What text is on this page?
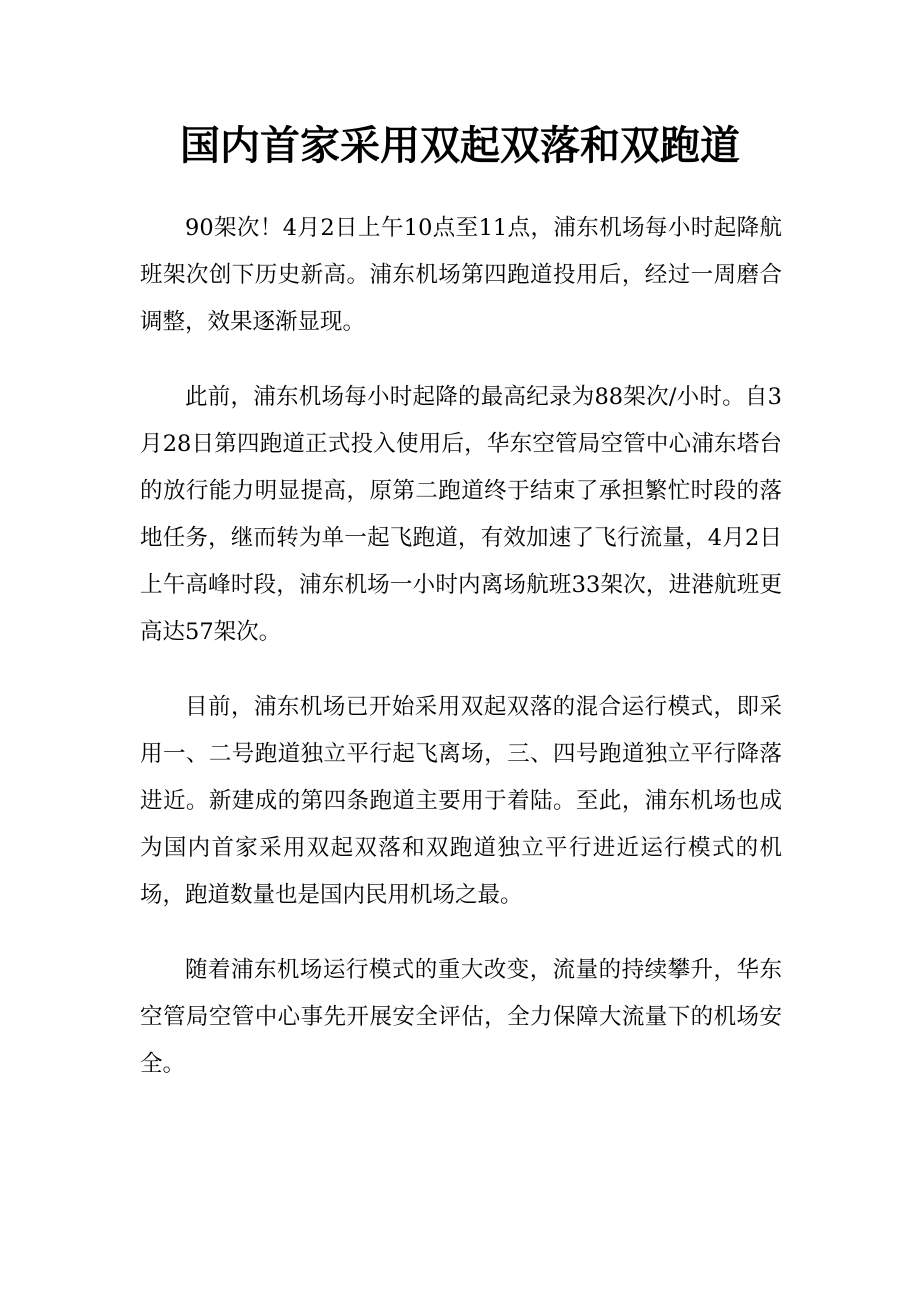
国内首家采用双起双落和双跑道

90架次！4月2日上午10点至11点，浦东机场每小时起降航班架次创下历史新高。浦东机场第四跑道投用后，经过一周磨合调整，效果逐渐显现。

此前，浦东机场每小时起降的最高纪录为88架次/小时。自3月28日第四跑道正式投入使用后，华东空管局空管中心浦东塔台的放行能力明显提高，原第二跑道终于结束了承担繁忙时段的落地任务，继而转为单一起飞跑道，有效加速了飞行流量，4月2日上午高峰时段，浦东机场一小时内离场航班33架次，进港航班更高达57架次。

目前，浦东机场已开始采用双起双落的混合运行模式，即采用一、二号跑道独立平行起飞离场，三、四号跑道独立平行降落进近。新建成的第四条跑道主要用于着陆。至此，浦东机场也成为国内首家采用双起双落和双跑道独立平行进近运行模式的机场，跑道数量也是国内民用机场之最。

随着浦东机场运行模式的重大改变，流量的持续攀升，华东空管局空管中心事先开展安全评估，全力保障大流量下的机场安全。
